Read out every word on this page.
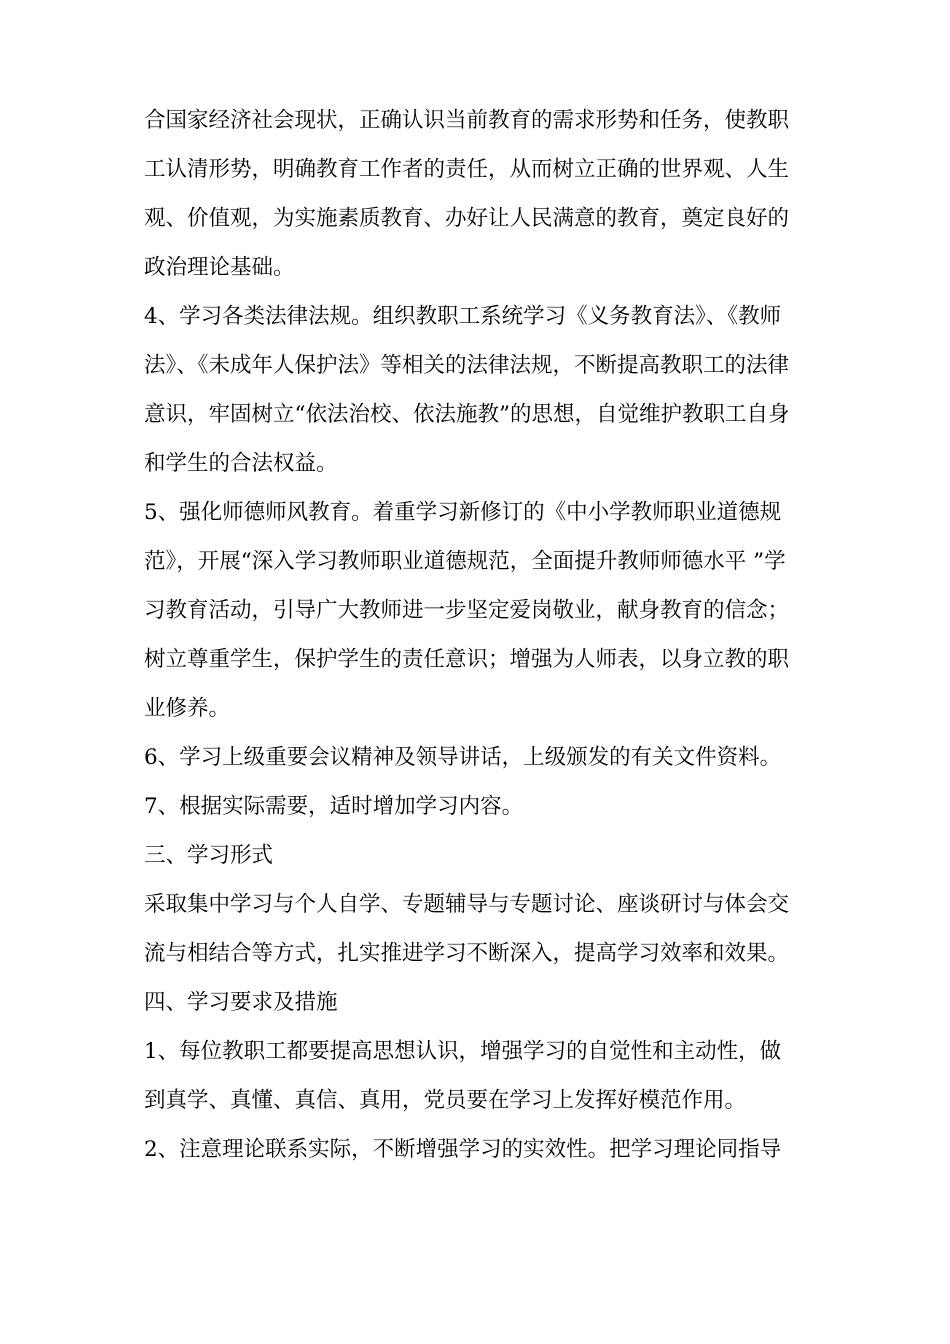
合国家经济社会现状，正确认识当前教育的需求形势和任务，使教职
工认清形势，明确教育工作者的责任，从而树立正确的世界观、人生
观、价值观，为实施素质教育、办好让人民满意的教育，奠定良好的
政治理论基础。
4、学习各类法律法规。组织教职工系统学习《义务教育法》、《教师
法》、《未成年人保护法》等相关的法律法规，不断提高教职工的法律
意识，牢固树立“依法治校、依法施教”的思想，自觉维护教职工自身
和学生的合法权益。
5、强化师德师风教育。着重学习新修订的《中小学教师职业道德规
范》，开展“深入学习教师职业道德规范，全面提升教师师德水平 ”学
习教育活动，引导广大教师进一步坚定爱岗敬业，献身教育的信念；
树立尊重学生，保护学生的责任意识；增强为人师表，以身立教的职
业修养。
6、学习上级重要会议精神及领导讲话，上级颁发的有关文件资料。
7、根据实际需要，适时增加学习内容。
三、学习形式
采取集中学习与个人自学、专题辅导与专题讨论、座谈研讨与体会交
流与相结合等方式，扎实推进学习不断深入，提高学习效率和效果。
四、学习要求及措施
1、每位教职工都要提高思想认识，增强学习的自觉性和主动性，做
到真学、真懂、真信、真用，党员要在学习上发挥好模范作用。
2、注意理论联系实际，不断增强学习的实效性。把学习理论同指导
